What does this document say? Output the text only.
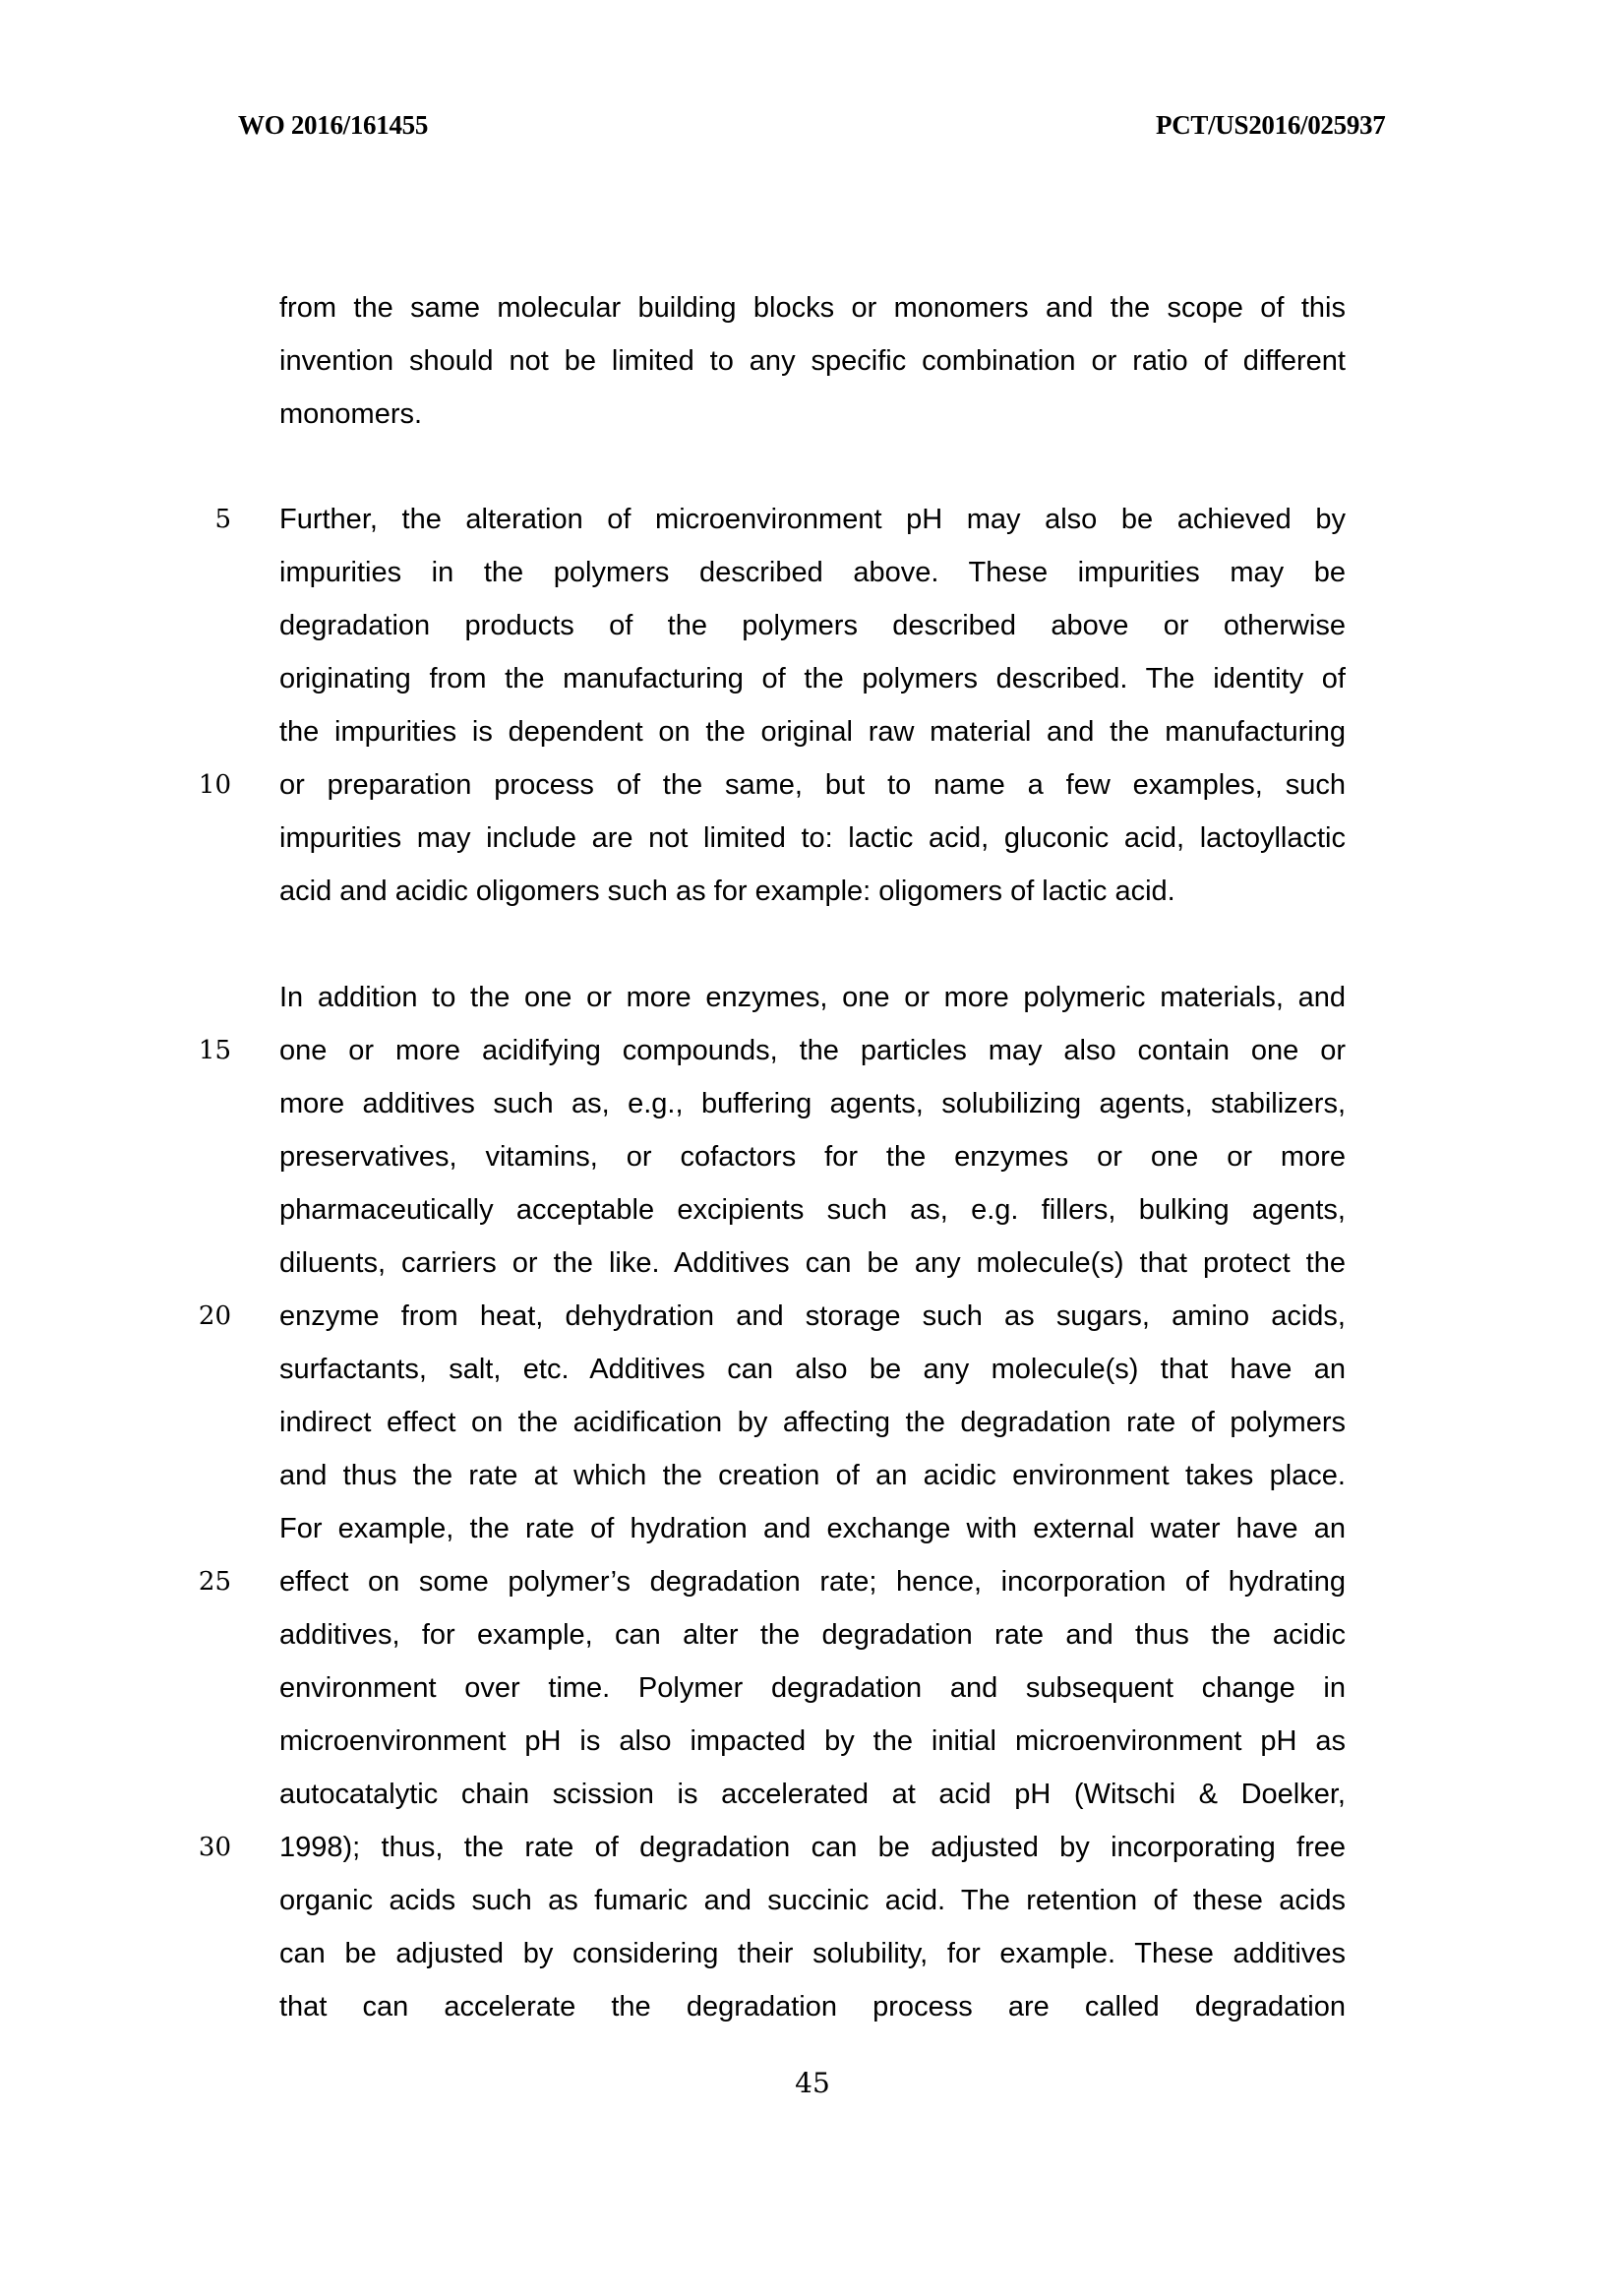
WO 2016/161455	PCT/US2016/025937
5
10
15
20
25
30
from the same molecular building blocks or monomers and the scope of this
invention should not be limited to any specific combination or ratio of different
monomers.
Further, the alteration of microenvironment pH may also be achieved by
impurities in the polymers described above. These impurities may be
degradation products of the polymers described above or otherwise
originating from the manufacturing of the polymers described. The identity of
the impurities is dependent on the original raw material and the manufacturing
or preparation process of the same, but to name a few examples, such
impurities may include are not limited to: lactic acid, gluconic acid, lactoyllactic
acid and acidic oligomers such as for example: oligomers of lactic acid.
In addition to the one or more enzymes, one or more polymeric materials, and
one or more acidifying compounds, the particles may also contain one or
more additives such as, e.g., buffering agents, solubilizing agents, stabilizers,
preservatives, vitamins, or cofactors for the enzymes or one or more
pharmaceutically acceptable excipients such as, e.g. fillers, bulking agents,
diluents, carriers or the like. Additives can be any molecule(s) that protect the
enzyme from heat, dehydration and storage such as sugars, amino acids,
surfactants, salt, etc. Additives can also be any molecule(s) that have an
indirect effect on the acidification by affecting the degradation rate of polymers
and thus the rate at which the creation of an acidic environment takes place.
For example, the rate of hydration and exchange with external water have an
effect on some polymer’s degradation rate; hence, incorporation of hydrating
additives, for example, can alter the degradation rate and thus the acidic
environment over time. Polymer degradation and subsequent change in
microenvironment pH is also impacted by the initial microenvironment pH as
autocatalytic chain scission is accelerated at acid pH (Witschi & Doelker,
1998); thus, the rate of degradation can be adjusted by incorporating free
organic acids such as fumaric and succinic acid. The retention of these acids
can be adjusted by considering their solubility, for example. These additives
that can accelerate the degradation process are called degradation
45
